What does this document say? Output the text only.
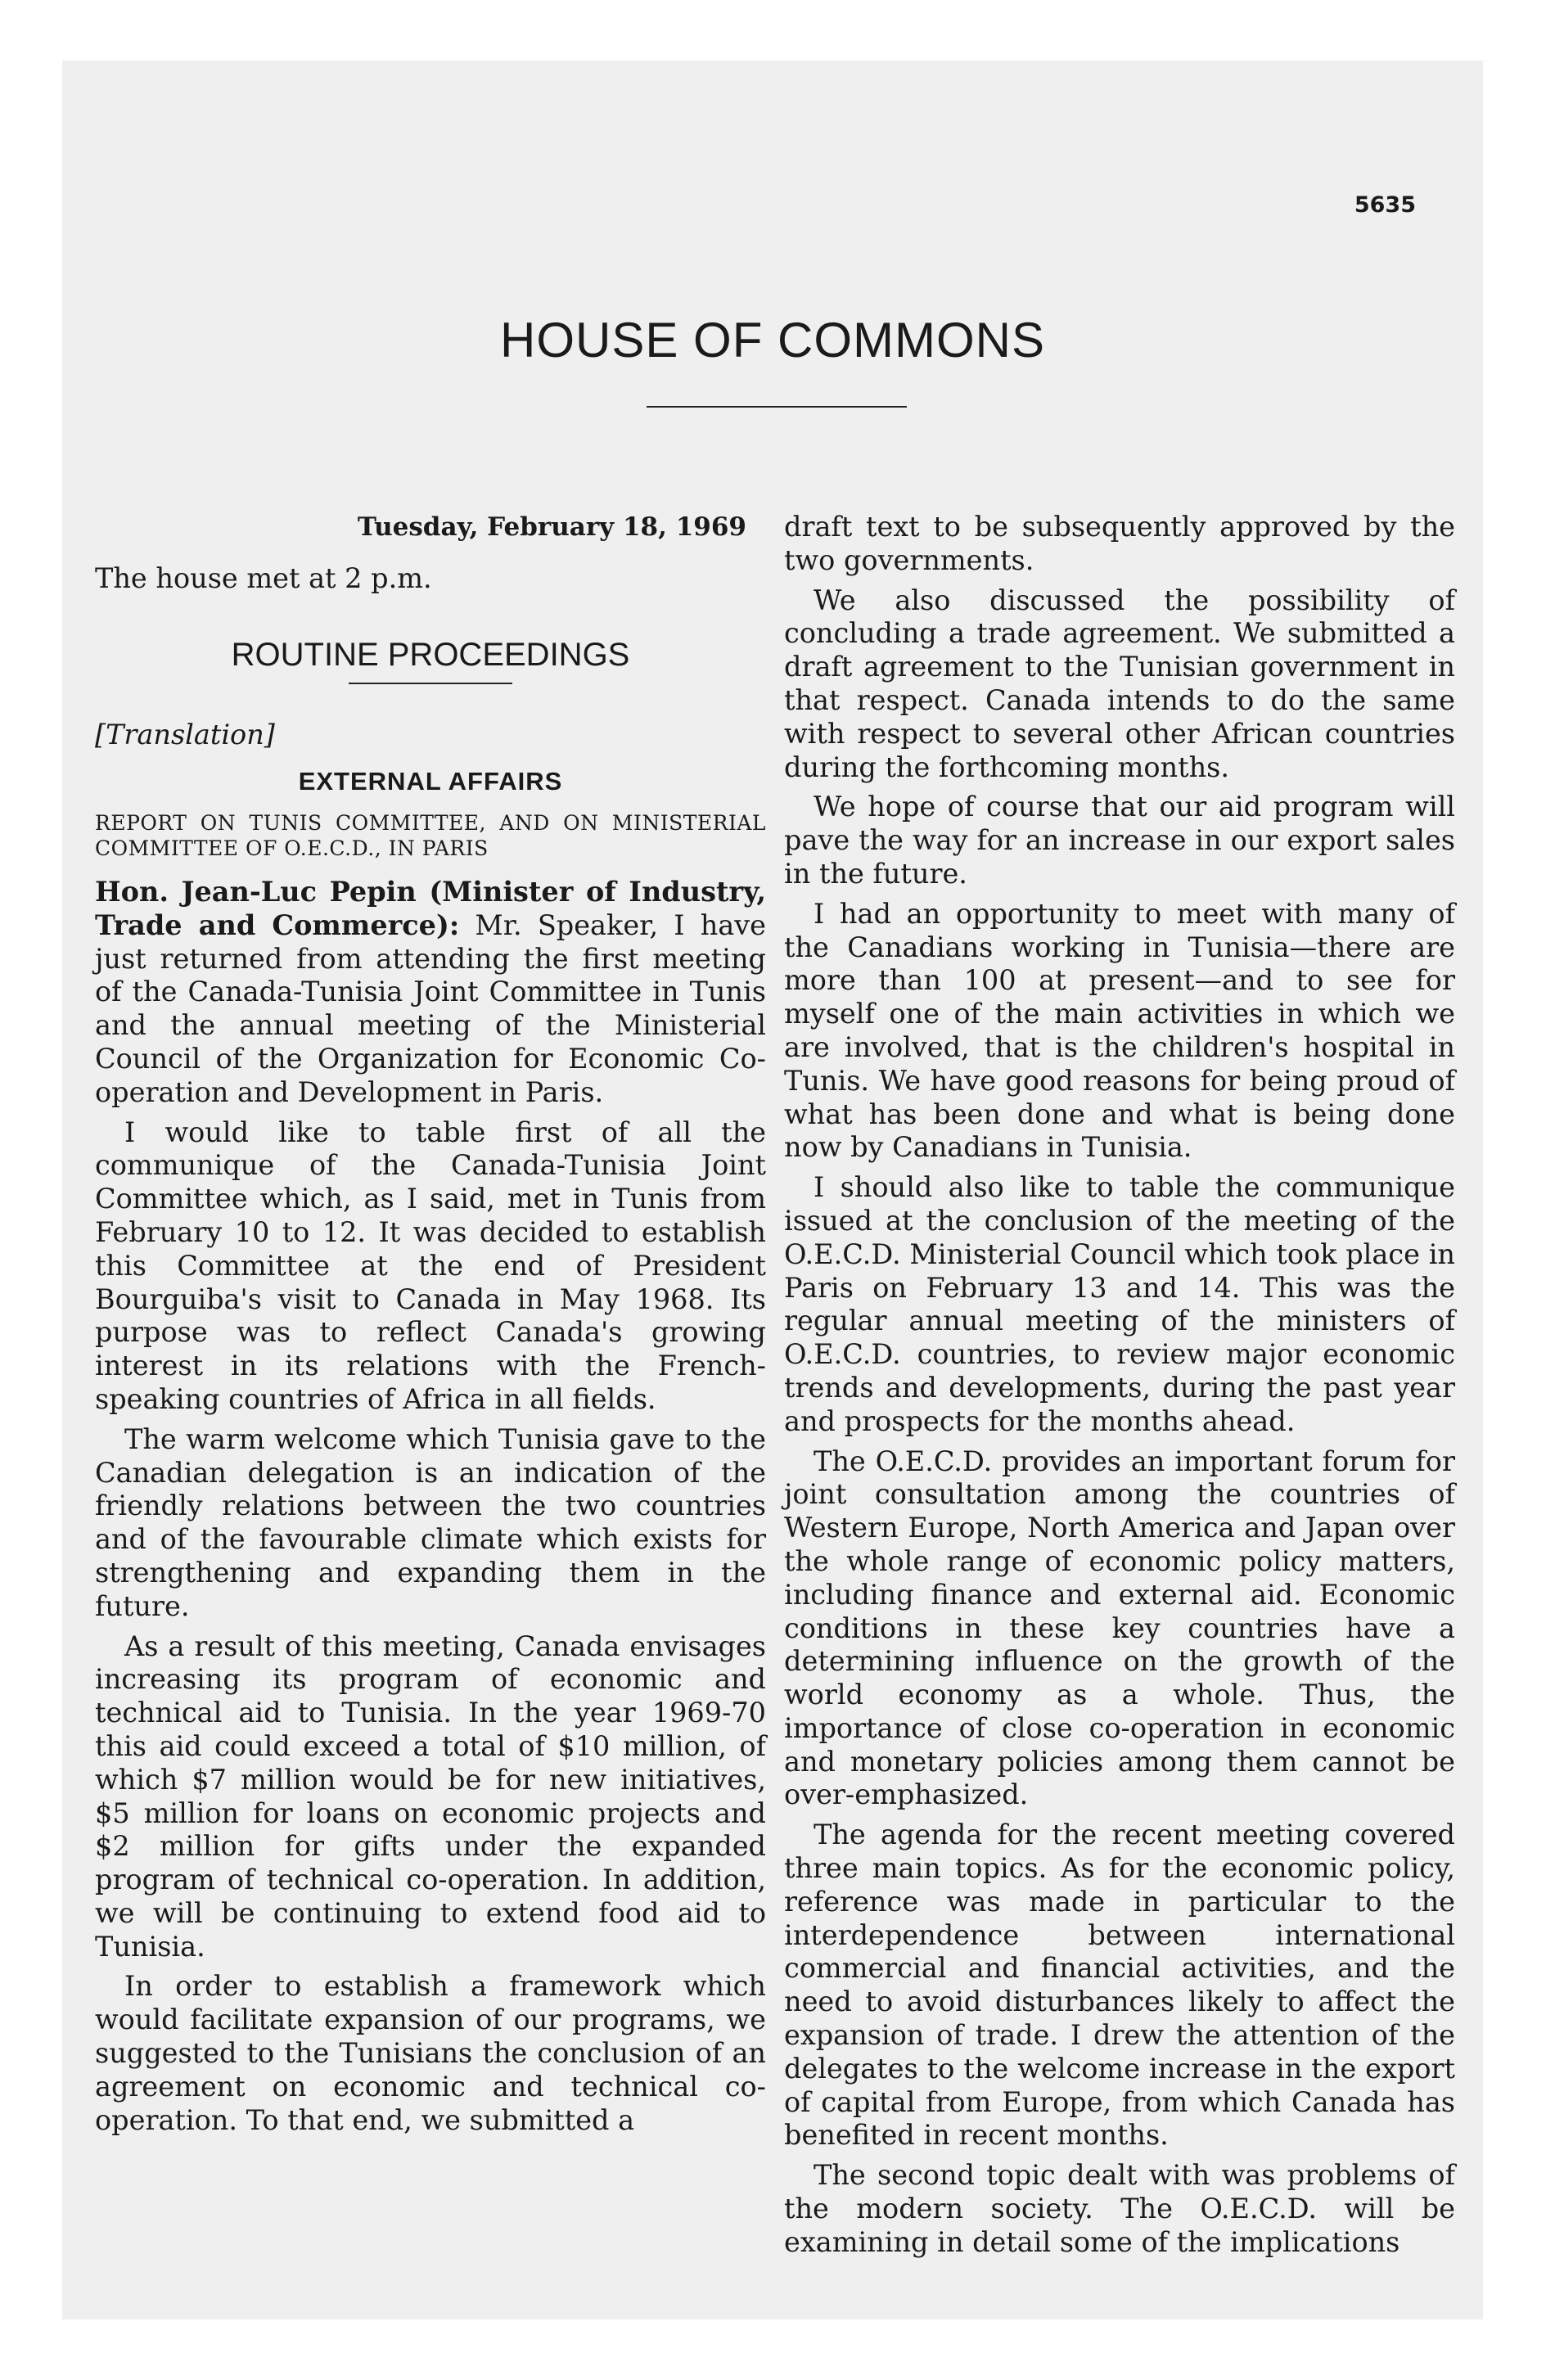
5635
HOUSE OF COMMONS

Tuesday, February 18, 1969

The house met at 2 p.m.

ROUTINE PROCEEDINGS

[Translation]

EXTERNAL AFFAIRS

REPORT ON TUNIS COMMITTEE, AND ON MINISTERIAL COMMITTEE OF O.E.C.D., IN PARIS

Hon. Jean-Luc Pepin (Minister of Industry, Trade and Commerce): Mr. Speaker, I have just returned from attending the first meeting of the Canada-Tunisia Joint Committee in Tunis and the annual meeting of the Ministerial Council of the Organization for Economic Co-operation and Development in Paris.

I would like to table first of all the communique of the Canada-Tunisia Joint Committee which, as I said, met in Tunis from February 10 to 12. It was decided to establish this Committee at the end of President Bourguiba's visit to Canada in May 1968. Its purpose was to reflect Canada's growing interest in its relations with the French-speaking countries of Africa in all fields.

The warm welcome which Tunisia gave to the Canadian delegation is an indication of the friendly relations between the two countries and of the favourable climate which exists for strengthening and expanding them in the future.

As a result of this meeting, Canada envisages increasing its program of economic and technical aid to Tunisia. In the year 1969-70 this aid could exceed a total of $10 million, of which $7 million would be for new initiatives, $5 million for loans on economic projects and $2 million for gifts under the expanded program of technical co-operation. In addition, we will be continuing to extend food aid to Tunisia.

In order to establish a framework which would facilitate expansion of our programs, we suggested to the Tunisians the conclusion of an agreement on economic and technical co-operation. To that end, we submitted a

draft text to be subsequently approved by the two governments.

We also discussed the possibility of concluding a trade agreement. We submitted a draft agreement to the Tunisian government in that respect. Canada intends to do the same with respect to several other African countries during the forthcoming months.

We hope of course that our aid program will pave the way for an increase in our export sales in the future.

I had an opportunity to meet with many of the Canadians working in Tunisia—there are more than 100 at present—and to see for myself one of the main activities in which we are involved, that is the children's hospital in Tunis. We have good reasons for being proud of what has been done and what is being done now by Canadians in Tunisia.

I should also like to table the communique issued at the conclusion of the meeting of the O.E.C.D. Ministerial Council which took place in Paris on February 13 and 14. This was the regular annual meeting of the ministers of O.E.C.D. countries, to review major economic trends and developments, during the past year and prospects for the months ahead.

The O.E.C.D. provides an important forum for joint consultation among the countries of Western Europe, North America and Japan over the whole range of economic policy matters, including finance and external aid. Economic conditions in these key countries have a determining influence on the growth of the world economy as a whole. Thus, the importance of close co-operation in economic and monetary policies among them cannot be over-emphasized.

The agenda for the recent meeting covered three main topics. As for the economic policy, reference was made in particular to the interdependence between international commercial and financial activities, and the need to avoid disturbances likely to affect the expansion of trade. I drew the attention of the delegates to the welcome increase in the export of capital from Europe, from which Canada has benefited in recent months.

The second topic dealt with was problems of the modern society. The O.E.C.D. will be examining in detail some of the implications
